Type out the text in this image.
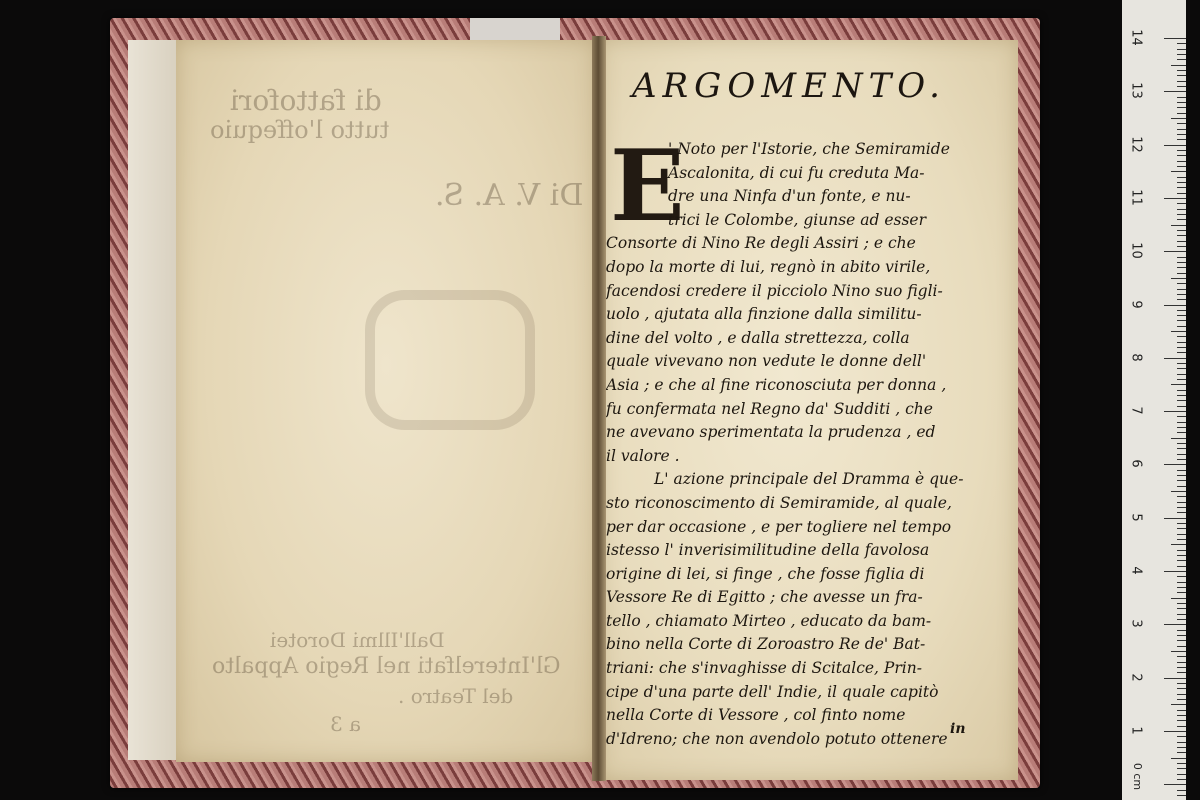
di fattofori
tutto l'offequio
Di V. A. S.
Dall'Illmi Dorotei
Gl'Interelfati nel Regio Appalto
del Teatro .
a 3
ARGOMENTO.
E
' Noto per l'Istorie, che Semiramide
Ascalonita, di cui fu creduta Ma-
dre una Ninfa d'un fonte, e nu-
trici le Colombe, giunse ad esser
Consorte di Nino Re degli Assiri ; e che
dopo la morte di lui, regnò in abito virile,
facendosi credere il picciolo Nino suo figli-
uolo , ajutata alla finzione dalla similitu-
dine del volto , e dalla strettezza, colla
quale vivevano non vedute le donne dell'
Asia ; e che al fine riconosciuta per donna ,
fu confermata nel Regno da' Sudditi , che
ne avevano sperimentata la prudenza , ed
il valore .
L' azione principale del Dramma è que-
sto riconoscimento di Semiramide, al quale,
per dar occasione , e per togliere nel tempo
istesso l' inverisimilitudine della favolosa
origine di lei, si finge , che fosse figlia di
Vessore Re di Egitto ; che avesse un fra-
tello , chiamato Mirteo , educato da bam-
bino nella Corte di Zoroastro Re de' Bat-
triani: che s'invaghisse di Scitalce, Prin-
cipe d'una parte dell' Indie, il quale capitò
nella Corte di Vessore , col finto nome
d'Idreno; che non avendolo potuto ottenere
in
0 cm
14
13
12
11
10
9
8
7
6
5
4
3
2
1
